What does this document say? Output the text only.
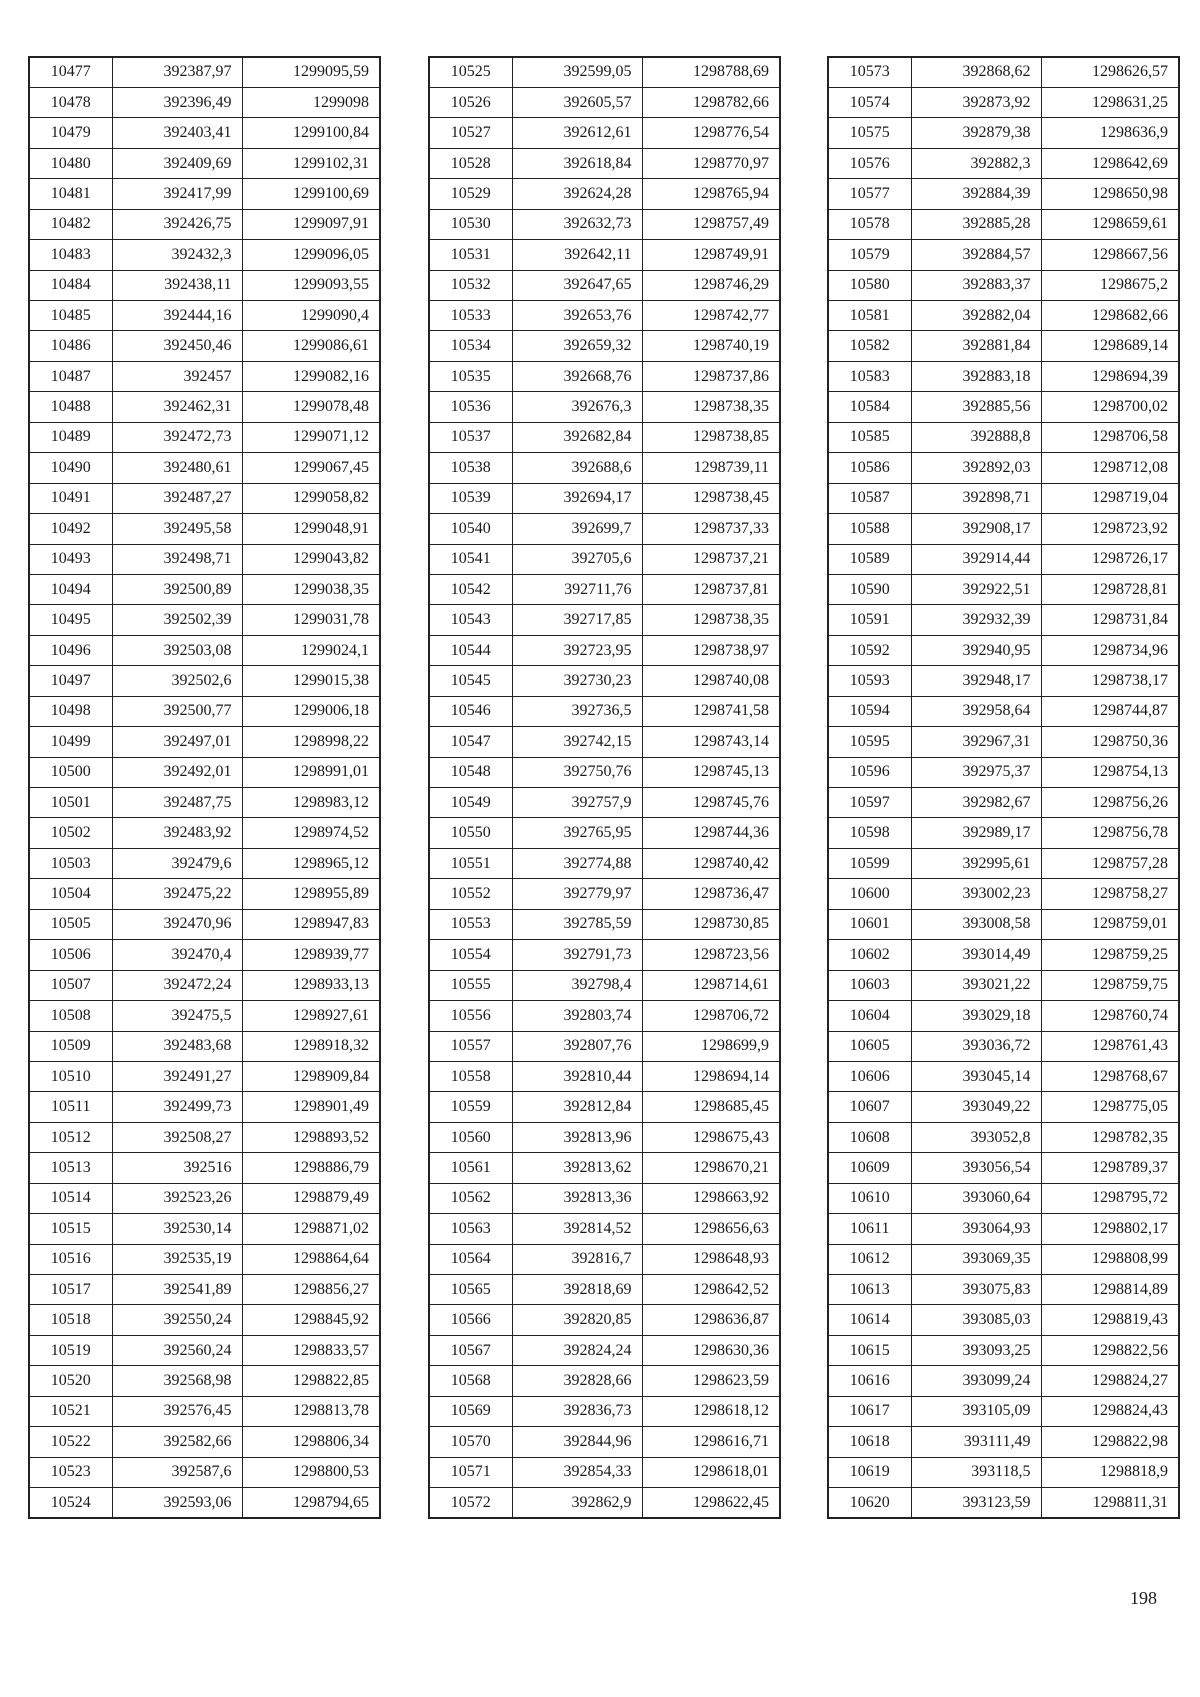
10477	392387,97	1299095,59
10478	392396,49	1299098
10479	392403,41	1299100,84
10480	392409,69	1299102,31
10481	392417,99	1299100,69
10482	392426,75	1299097,91
10483	392432,3	1299096,05
10484	392438,11	1299093,55
10485	392444,16	1299090,4
10486	392450,46	1299086,61
10487	392457	1299082,16
10488	392462,31	1299078,48
10489	392472,73	1299071,12
10490	392480,61	1299067,45
10491	392487,27	1299058,82
10492	392495,58	1299048,91
10493	392498,71	1299043,82
10494	392500,89	1299038,35
10495	392502,39	1299031,78
10496	392503,08	1299024,1
10497	392502,6	1299015,38
10498	392500,77	1299006,18
10499	392497,01	1298998,22
10500	392492,01	1298991,01
10501	392487,75	1298983,12
10502	392483,92	1298974,52
10503	392479,6	1298965,12
10504	392475,22	1298955,89
10505	392470,96	1298947,83
10506	392470,4	1298939,77
10507	392472,24	1298933,13
10508	392475,5	1298927,61
10509	392483,68	1298918,32
10510	392491,27	1298909,84
10511	392499,73	1298901,49
10512	392508,27	1298893,52
10513	392516	1298886,79
10514	392523,26	1298879,49
10515	392530,14	1298871,02
10516	392535,19	1298864,64
10517	392541,89	1298856,27
10518	392550,24	1298845,92
10519	392560,24	1298833,57
10520	392568,98	1298822,85
10521	392576,45	1298813,78
10522	392582,66	1298806,34
10523	392587,6	1298800,53
10524	392593,06	1298794,65
10525	392599,05	1298788,69
10526	392605,57	1298782,66
10527	392612,61	1298776,54
10528	392618,84	1298770,97
10529	392624,28	1298765,94
10530	392632,73	1298757,49
10531	392642,11	1298749,91
10532	392647,65	1298746,29
10533	392653,76	1298742,77
10534	392659,32	1298740,19
10535	392668,76	1298737,86
10536	392676,3	1298738,35
10537	392682,84	1298738,85
10538	392688,6	1298739,11
10539	392694,17	1298738,45
10540	392699,7	1298737,33
10541	392705,6	1298737,21
10542	392711,76	1298737,81
10543	392717,85	1298738,35
10544	392723,95	1298738,97
10545	392730,23	1298740,08
10546	392736,5	1298741,58
10547	392742,15	1298743,14
10548	392750,76	1298745,13
10549	392757,9	1298745,76
10550	392765,95	1298744,36
10551	392774,88	1298740,42
10552	392779,97	1298736,47
10553	392785,59	1298730,85
10554	392791,73	1298723,56
10555	392798,4	1298714,61
10556	392803,74	1298706,72
10557	392807,76	1298699,9
10558	392810,44	1298694,14
10559	392812,84	1298685,45
10560	392813,96	1298675,43
10561	392813,62	1298670,21
10562	392813,36	1298663,92
10563	392814,52	1298656,63
10564	392816,7	1298648,93
10565	392818,69	1298642,52
10566	392820,85	1298636,87
10567	392824,24	1298630,36
10568	392828,66	1298623,59
10569	392836,73	1298618,12
10570	392844,96	1298616,71
10571	392854,33	1298618,01
10572	392862,9	1298622,45
10573	392868,62	1298626,57
10574	392873,92	1298631,25
10575	392879,38	1298636,9
10576	392882,3	1298642,69
10577	392884,39	1298650,98
10578	392885,28	1298659,61
10579	392884,57	1298667,56
10580	392883,37	1298675,2
10581	392882,04	1298682,66
10582	392881,84	1298689,14
10583	392883,18	1298694,39
10584	392885,56	1298700,02
10585	392888,8	1298706,58
10586	392892,03	1298712,08
10587	392898,71	1298719,04
10588	392908,17	1298723,92
10589	392914,44	1298726,17
10590	392922,51	1298728,81
10591	392932,39	1298731,84
10592	392940,95	1298734,96
10593	392948,17	1298738,17
10594	392958,64	1298744,87
10595	392967,31	1298750,36
10596	392975,37	1298754,13
10597	392982,67	1298756,26
10598	392989,17	1298756,78
10599	392995,61	1298757,28
10600	393002,23	1298758,27
10601	393008,58	1298759,01
10602	393014,49	1298759,25
10603	393021,22	1298759,75
10604	393029,18	1298760,74
10605	393036,72	1298761,43
10606	393045,14	1298768,67
10607	393049,22	1298775,05
10608	393052,8	1298782,35
10609	393056,54	1298789,37
10610	393060,64	1298795,72
10611	393064,93	1298802,17
10612	393069,35	1298808,99
10613	393075,83	1298814,89
10614	393085,03	1298819,43
10615	393093,25	1298822,56
10616	393099,24	1298824,27
10617	393105,09	1298824,43
10618	393111,49	1298822,98
10619	393118,5	1298818,9
10620	393123,59	1298811,31
198
